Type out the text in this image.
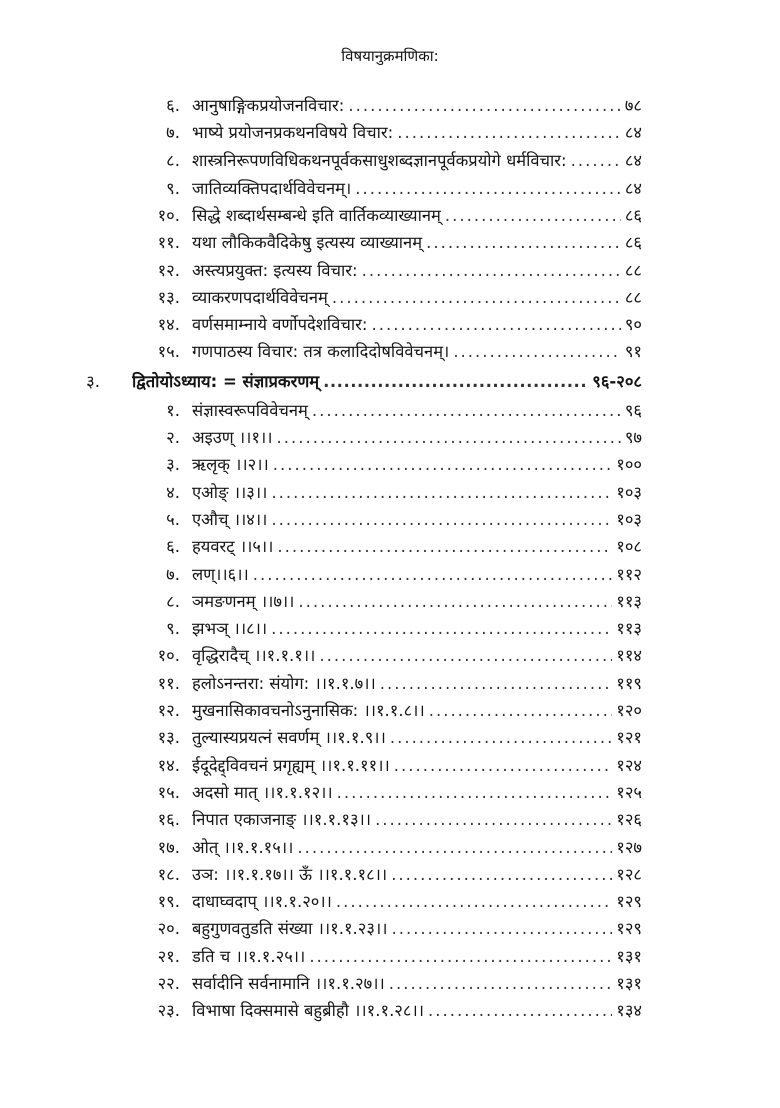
विषयानुक्रमणिका:
६. आनुषाङ्गिकप्रयोजनविचार: .....	७८
७. भाष्ये प्रयोजनप्रकथनविषये विचार: .....	८४
८. शास्त्रनिरूपणविधिकथनपूर्वकसाधुशब्दज्ञानपूर्वकप्रयोगे धर्मविचार: .....	८४
९. जातिव्यक्तिपदार्थविवेचनम्। .....	८४
१०. सिद्धे शब्दार्थसम्बन्धे इति वार्तिकव्याख्यानम् .....	८६
११. यथा लौकिकवैदिकेषु इत्यस्य व्याख्यानम् .....	८६
१२. अस्त्यप्रयुक्त: इत्यस्य विचार: .....	८८
१३. व्याकरणपदार्थविवेचनम् .....	८८
१४. वर्णसमाम्नाये वर्णोपदेशविचार: .....	९०
१५. गणपाठस्य विचार: तत्र कलादिदोषविवेचनम्। .....	९१
३. द्वितोयोऽध्याय: = संज्ञाप्रकरणम् .....	९६-२०८
१. संज्ञास्वरूपविवेचनम् .....	९६
२. अइउण् ।।१।। .....	९७
३. ऋलृक् ।।२।। .....	१००
४. एओङ् ।।३।। .....	१०३
५. एऔच् ।।४।। .....	१०३
६. हयवरट् ।।५।। .....	१०८
७. लण्।।६।। .....	११२
८. ञमङणनम् ।।७।। .....	११३
९. झभञ् ।।८।। .....	११३
१०. वृद्धिरादैच् ।।१.१.१।। .....	११४
११. हलोऽनन्तरा: संयोग: ।।१.१.७।। .....	११९
१२. मुखनासिकावचनोऽनुनासिक: ।।१.१.८।। .....	१२०
१३. तुल्यास्यप्रयत्नं सवर्णम् ।।१.१.९।। .....	१२१
१४. ईदूदेद्द्विवचनं प्रगृह्यम् ।।१.१.११।। .....	१२४
१५. अदसो मात् ।।१.१.१२।। .....	१२५
१६. निपात एकाजनाङ् ।।१.१.१३।। .....	१२६
१७. ओत् ।।१.१.१५।। .....	१२७
१८. उञ: ।।१.१.१७।। ऊँ ।।१.१.१८।। .....	१२८
१९. दाधाघ्वदाप् ।।१.१.२०।। .....	१२९
२०. बहुगुणवतुडति संख्या ।।१.१.२३।। .....	१२९
२१. डति च ।।१.१.२५।। .....	१३१
२२. सर्वादीनि सर्वनामानि ।।१.१.२७।। .....	१३१
२३. विभाषा दिक्समासे बहुब्रीहौ ।।१.१.२८।। .....	१३४
